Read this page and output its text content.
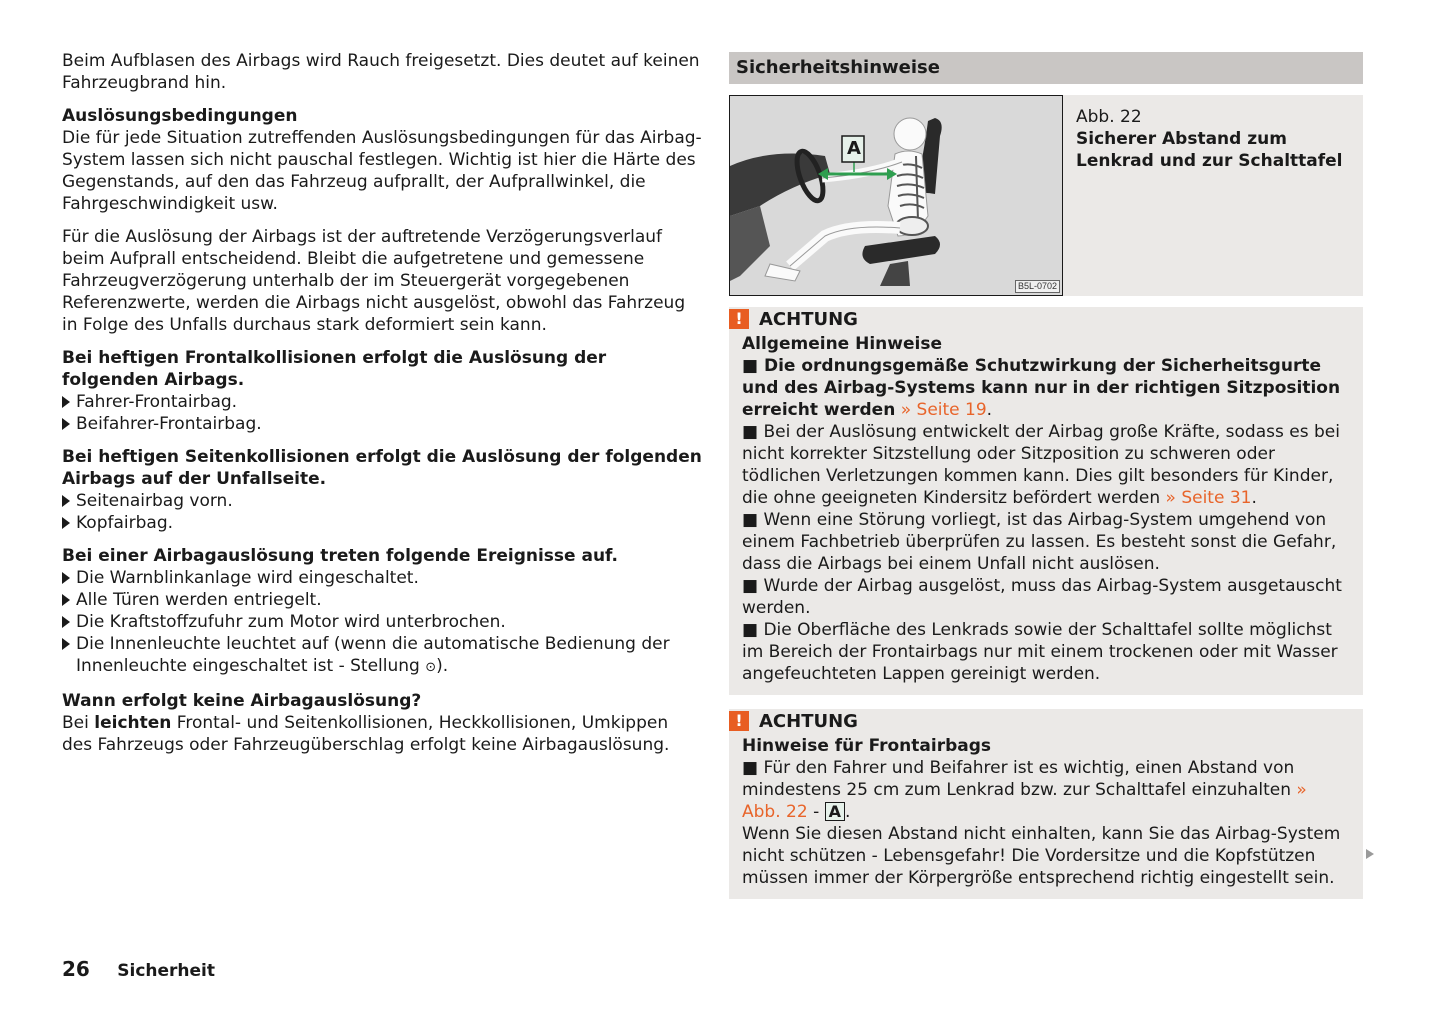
Beim Aufblasen des Airbags wird Rauch freigesetzt. Dies deutet auf keinen Fahrzeugbrand hin.

Auslösungsbedingungen

Die für jede Situation zutreffenden Auslösungsbedingungen für das Airbag-System lassen sich nicht pauschal festlegen. Wichtig ist hier die Härte des Gegenstands, auf den das Fahrzeug aufprallt, der Aufprallwinkel, die Fahrgeschwindigkeit usw.

Für die Auslösung der Airbags ist der auftretende Verzögerungsverlauf beim Aufprall entscheidend. Bleibt die aufgetretene und gemessene Fahrzeugverzögerung unterhalb der im Steuergerät vorgegebenen Referenzwerte, werden die Airbags nicht ausgelöst, obwohl das Fahrzeug in Folge des Unfalls durchaus stark deformiert sein kann.

Bei heftigen Frontalkollisionen erfolgt die Auslösung der folgenden Airbags.
Fahrer-Frontairbag.
Beifahrer-Frontairbag.
Bei heftigen Seitenkollisionen erfolgt die Auslösung der folgenden Airbags auf der Unfallseite.
Seitenairbag vorn.
Kopfairbag.
Bei einer Airbagauslösung treten folgende Ereignisse auf.
Die Warnblinkanlage wird eingeschaltet.
Alle Türen werden entriegelt.
Die Kraftstoffzufuhr zum Motor wird unterbrochen.
Die Innenleuchte leuchtet auf (wenn die automatische Bedienung der Innenleuchte eingeschaltet ist - Stellung ⊙).
Wann erfolgt keine Airbagauslösung?

Bei leichten Frontal- und Seitenkollisionen, Heckkollisionen, Umkippen des Fahrzeugs oder Fahrzeugüberschlag erfolgt keine Airbagauslösung.

Sicherheitshinweise
A
B5L-0702
Abb. 22
Sicherer Abstand zum Lenkrad und zur Schalttafel
! ACHTUNG
Allgemeine Hinweise

■ Die ordnungsgemäße Schutzwirkung der Sicherheitsgurte und des Airbag-Systems kann nur in der richtigen Sitzposition erreicht werden » Seite 19.

■ Bei der Auslösung entwickelt der Airbag große Kräfte, sodass es bei nicht korrekter Sitzstellung oder Sitzposition zu schweren oder tödlichen Verletzungen kommen kann. Dies gilt besonders für Kinder, die ohne geeigneten Kindersitz befördert werden » Seite 31.

■ Wenn eine Störung vorliegt, ist das Airbag-System umgehend von einem Fachbetrieb überprüfen zu lassen. Es besteht sonst die Gefahr, dass die Airbags bei einem Unfall nicht auslösen.

■ Wurde der Airbag ausgelöst, muss das Airbag-System ausgetauscht werden.

■ Die Oberfläche des Lenkrads sowie der Schalttafel sollte möglichst im Bereich der Frontairbags nur mit einem trockenen oder mit Wasser angefeuchteten Lappen gereinigt werden.

! ACHTUNG
Hinweise für Frontairbags

■ Für den Fahrer und Beifahrer ist es wichtig, einen Abstand von mindestens 25 cm zum Lenkrad bzw. zur Schalttafel einzuhalten » Abb. 22 - A .
Wenn Sie diesen Abstand nicht einhalten, kann Sie das Airbag-System nicht schützen - Lebensgefahr! Die Vordersitze und die Kopfstützen müssen immer der Körpergröße entsprechend richtig eingestellt sein.

26 Sicherheit
